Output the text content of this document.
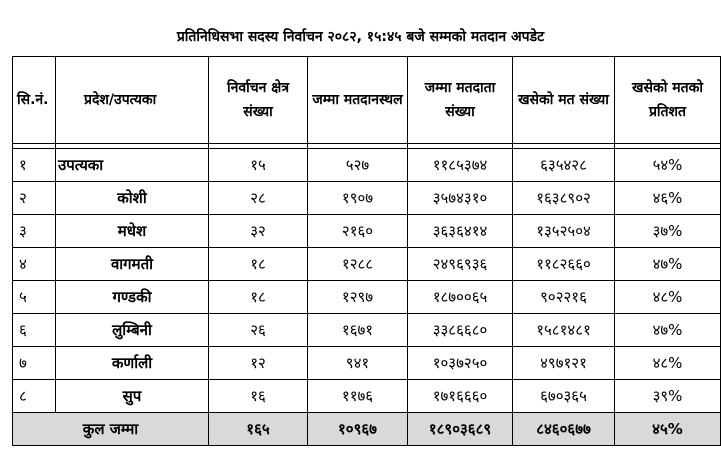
प्रतिनिधिसभा सदस्य निर्वाचन २०८२, १५:४५ बजे सम्मको मतदान अपडेट
सि.नं.	प्रदेश/उपत्यका	निर्वाचन क्षेत्र संख्या	जम्मा मतदानस्थल	जम्मा मतदाता संख्या	खसेको मत संख्या	खसेको मतको प्रतिशत

१	उपत्यका	१५	५२७	११८५३७४	६३५४२८	५४%
२	कोशी	२८	१९०७	३५७४३१०	१६३८९०२	४६%
३	मधेश	३२	२१६०	३६३६४१४	१३५२५०४	३७%
४	वागमती	१८	१२८८	२४९६९३६	११८२६६०	४७%
५	गण्डकी	१८	१२९७	१८७००६५	९०२२१६	४८%
६	लुम्बिनी	२६	१६७१	३३८६६८०	१५८१४८१	४७%
७	कर्णाली	१२	९४१	१०३७२५०	४९७१२१	४८%
८	सुप	१६	११७६	१७१६६६०	६७०३६५	३९%
कुल जम्मा		१६५	१०९६७	१८९०३६८९	८४६०६७७	४५%
